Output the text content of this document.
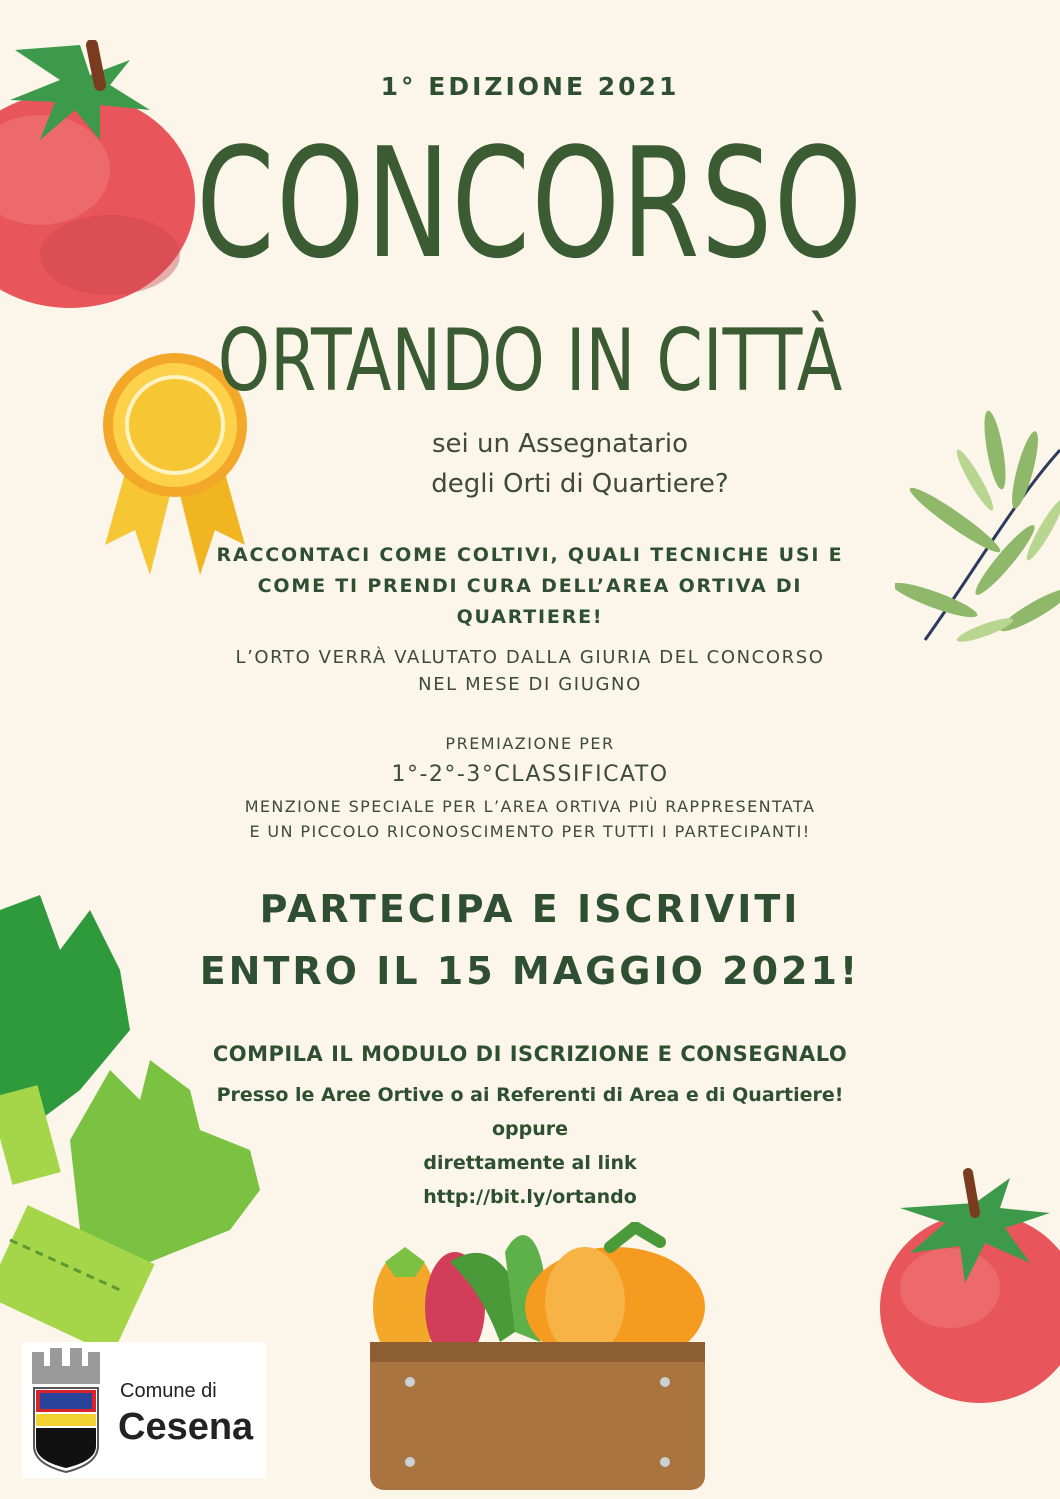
1° EDIZIONE 2021
CONCORSO
ORTANDO IN CITTÀ
sei un Assegnatario
degli Orti di Quartiere?
RACCONTACI COME COLTIVI, QUALI TECNICHE USI E
COME TI PRENDI CURA DELL’AREA ORTIVA DI
QUARTIERE!
L’ORTO VERRÀ VALUTATO DALLA GIURIA DEL CONCORSO
NEL MESE DI GIUGNO
PREMIAZIONE PER
1°-2°-3°CLASSIFICATO
MENZIONE SPECIALE PER L’AREA ORTIVA PIÙ RAPPRESENTATA
E UN PICCOLO RICONOSCIMENTO PER TUTTI I PARTECIPANTI!
PARTECIPA E ISCRIVITI
ENTRO IL 15 MAGGIO 2021!
COMPILA IL MODULO DI ISCRIZIONE E CONSEGNALO
Presso le Aree Ortive o ai Referenti di Area e di Quartiere!
oppure
direttamente al link
http://bit.ly/ortando
Comune di
Cesena
